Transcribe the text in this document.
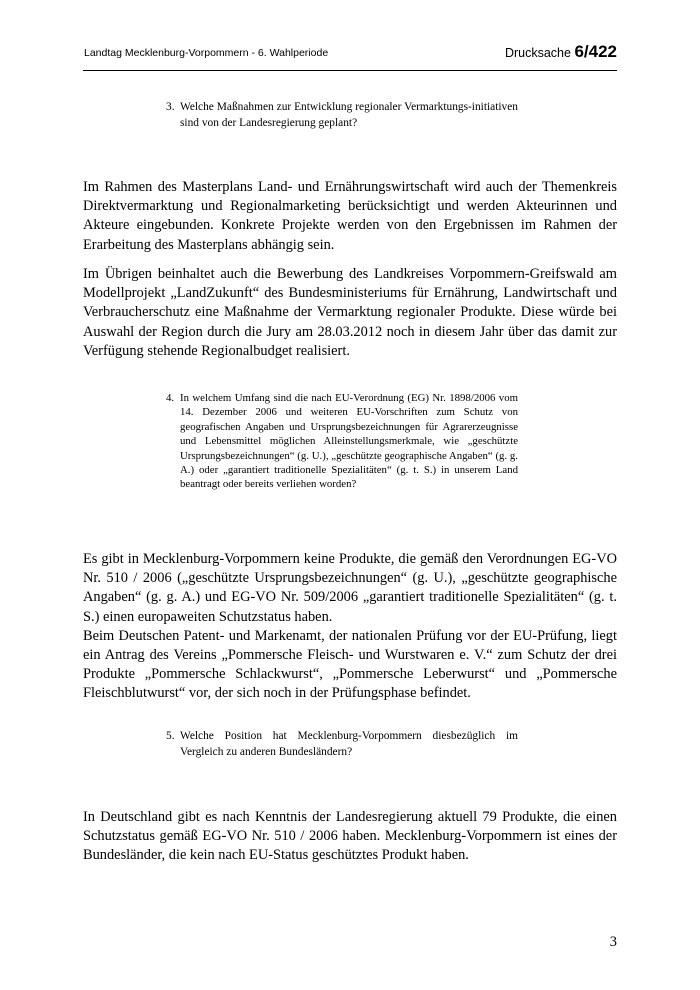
Landtag Mecklenburg-Vorpommern - 6. Wahlperiode	Drucksache 6/422
3. Welche Maßnahmen zur Entwicklung regionaler Vermarktungs-initiativen sind von der Landesregierung geplant?

Im Rahmen des Masterplans Land- und Ernährungswirtschaft wird auch der Themenkreis Direktvermarktung und Regionalmarketing berücksichtigt und werden Akteurinnen und Akteure eingebunden. Konkrete Projekte werden von den Ergebnissen im Rahmen der Erarbeitung des Masterplans abhängig sein.

Im Übrigen beinhaltet auch die Bewerbung des Landkreises Vorpommern-Greifswald am Modellprojekt „LandZukunft“ des Bundesministeriums für Ernährung, Landwirtschaft und Verbraucherschutz eine Maßnahme der Vermarktung regionaler Produkte. Diese würde bei Auswahl der Region durch die Jury am 28.03.2012 noch in diesem Jahr über das damit zur Verfügung stehende Regionalbudget realisiert.

4. In welchem Umfang sind die nach EU-Verordnung (EG) Nr. 1898/2006 vom 14. Dezember 2006 und weiteren EU-Vorschriften zum Schutz von geografischen Angaben und Ursprungsbezeichnungen für Agrarerzeugnisse und Lebensmittel möglichen Alleinstellungsmerkmale, wie „geschützte Ursprungsbezeichnungen“ (g. U.), „geschützte geographische Angaben“ (g. g. A.) oder „garantiert traditionelle Spezialitäten“ (g. t. S.) in unserem Land beantragt oder bereits verliehen worden?
Es gibt in Mecklenburg-Vorpommern keine Produkte, die gemäß den Verordnungen EG-VO Nr. 510 / 2006 („geschützte Ursprungsbezeichnungen“ (g. U.), „geschützte geographische Angaben“ (g. g. A.) und EG-VO Nr. 509/2006 „garantiert traditionelle Spezialitäten“ (g. t. S.) einen europaweiten Schutzstatus haben.
Beim Deutschen Patent- und Markenamt, der nationalen Prüfung vor der EU-Prüfung, liegt ein Antrag des Vereins „Pommersche Fleisch- und Wurstwaren e. V.“ zum Schutz der drei Produkte „Pommersche Schlackwurst“, „Pommersche Leberwurst“ und „Pommersche Fleischblutwurst“ vor, der sich noch in der Prüfungsphase befindet.
5. Welche Position hat Mecklenburg-Vorpommern diesbezüglich im Vergleich zu anderen Bundesländern?

In Deutschland gibt es nach Kenntnis der Landesregierung aktuell 79 Produkte, die einen Schutzstatus gemäß EG-VO Nr. 510 / 2006 haben. Mecklenburg-Vorpommern ist eines der Bundesländer, die kein nach EU-Status geschütztes Produkt haben.

3
